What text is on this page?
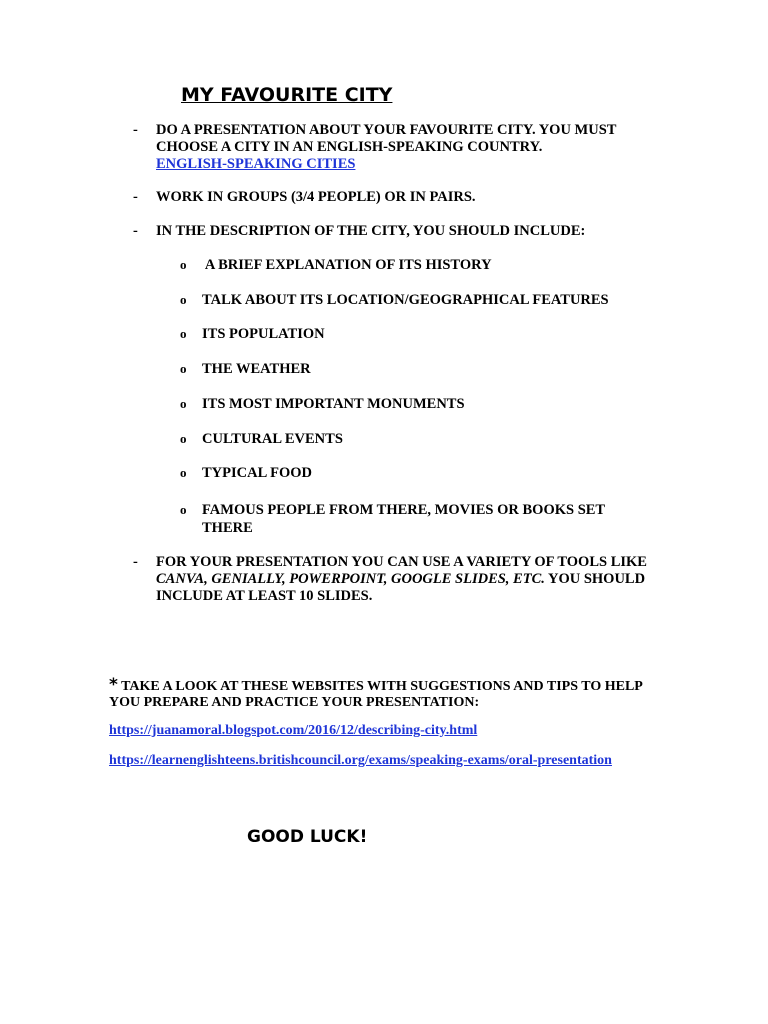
MY FAVOURITE CITY
- DO A PRESENTATION ABOUT YOUR FAVOURITE CITY. YOU MUST CHOOSE A CITY IN AN ENGLISH-SPEAKING COUNTRY.
ENGLISH-SPEAKING CITIES
- WORK IN GROUPS (3/4 PEOPLE) OR IN PAIRS.
- IN THE DESCRIPTION OF THE CITY, YOU SHOULD INCLUDE:
o A BRIEF EXPLANATION OF ITS HISTORY
o TALK ABOUT ITS LOCATION/GEOGRAPHICAL FEATURES
o ITS POPULATION
o THE WEATHER
o ITS MOST IMPORTANT MONUMENTS
o CULTURAL EVENTS
o TYPICAL FOOD
o FAMOUS PEOPLE FROM THERE, MOVIES OR BOOKS SET THERE
- FOR YOUR PRESENTATION YOU CAN USE A VARIETY OF TOOLS LIKE CANVA, GENIALLY, POWERPOINT, GOOGLE SLIDES, ETC. YOU SHOULD INCLUDE AT LEAST 10 SLIDES.
* TAKE A LOOK AT THESE WEBSITES WITH SUGGESTIONS AND TIPS TO HELP YOU PREPARE AND PRACTICE YOUR PRESENTATION:
https://juanamoral.blogspot.com/2016/12/describing-city.html
https://learnenglishteens.britishcouncil.org/exams/speaking-exams/oral-presentation
GOOD LUCK!
